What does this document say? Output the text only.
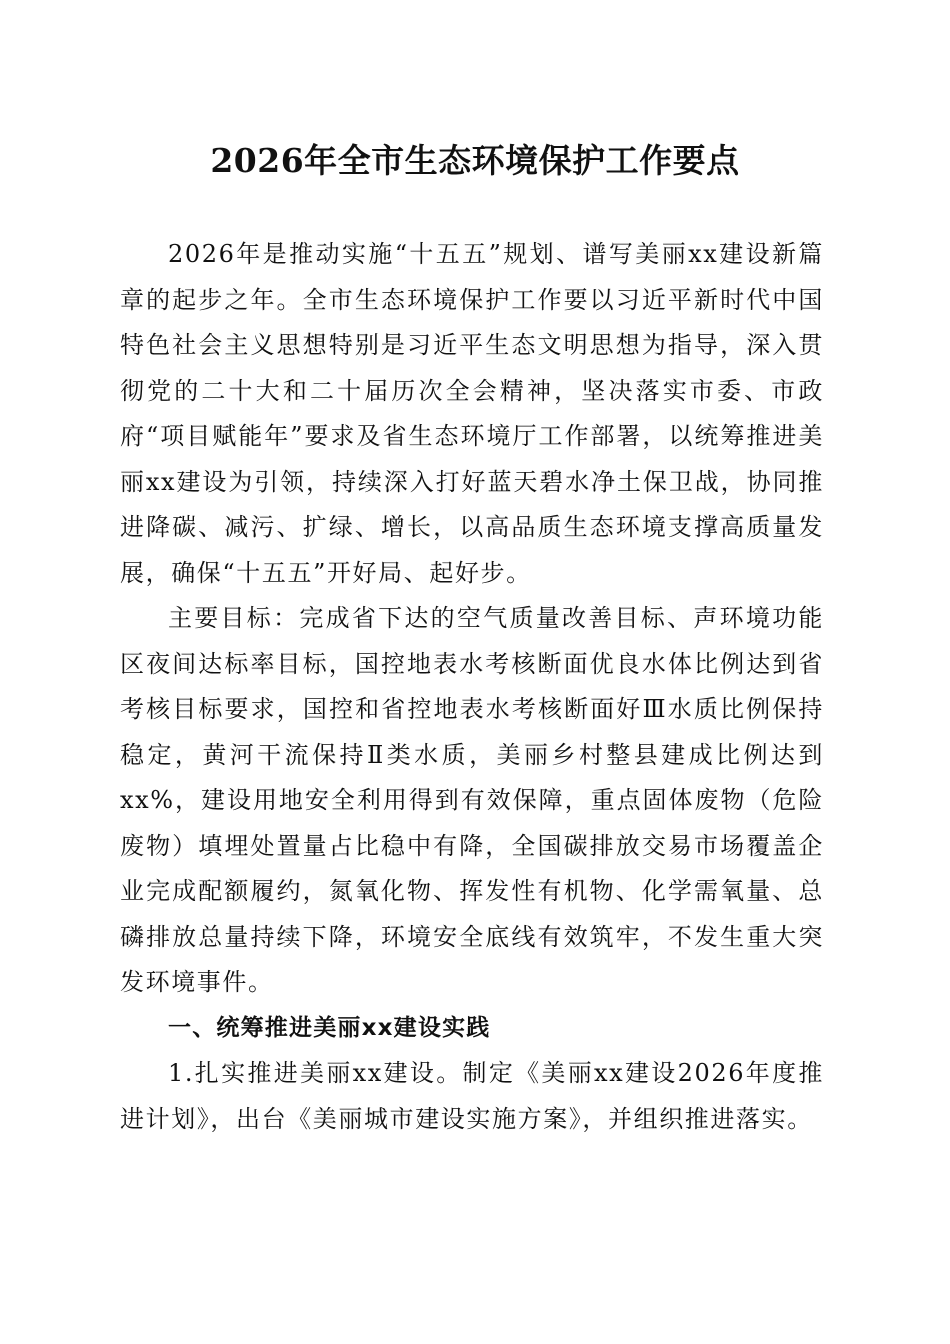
2026年全市生态环境保护工作要点

2026年是推动实施“十五五”规划、谱写美丽xx建设新篇章的起步之年。全市生态环境保护工作要以习近平新时代中国特色社会主义思想特别是习近平生态文明思想为指导，深入贯彻党的二十大和二十届历次全会精神，坚决落实市委、市政府“项目赋能年”要求及省生态环境厅工作部署，以统筹推进美丽xx建设为引领，持续深入打好蓝天碧水净土保卫战，协同推进降碳、减污、扩绿、增长，以高品质生态环境支撑高质量发展，确保“十五五”开好局、起好步。

主要目标：完成省下达的空气质量改善目标、声环境功能区夜间达标率目标，国控地表水考核断面优良水体比例达到省考核目标要求，国控和省控地表水考核断面好Ⅲ水质比例保持稳定，黄河干流保持Ⅱ类水质，美丽乡村整县建成比例达到xx%，建设用地安全利用得到有效保障，重点固体废物（危险废物）填埋处置量占比稳中有降，全国碳排放交易市场覆盖企业完成配额履约，氮氧化物、挥发性有机物、化学需氧量、总磷排放总量持续下降，环境安全底线有效筑牢，不发生重大突发环境事件。

一、统筹推进美丽xx建设实践

1.扎实推进美丽xx建设。制定《美丽xx建设2026年度推进计划》，出台《美丽城市建设实施方案》，并组织推进落实。
